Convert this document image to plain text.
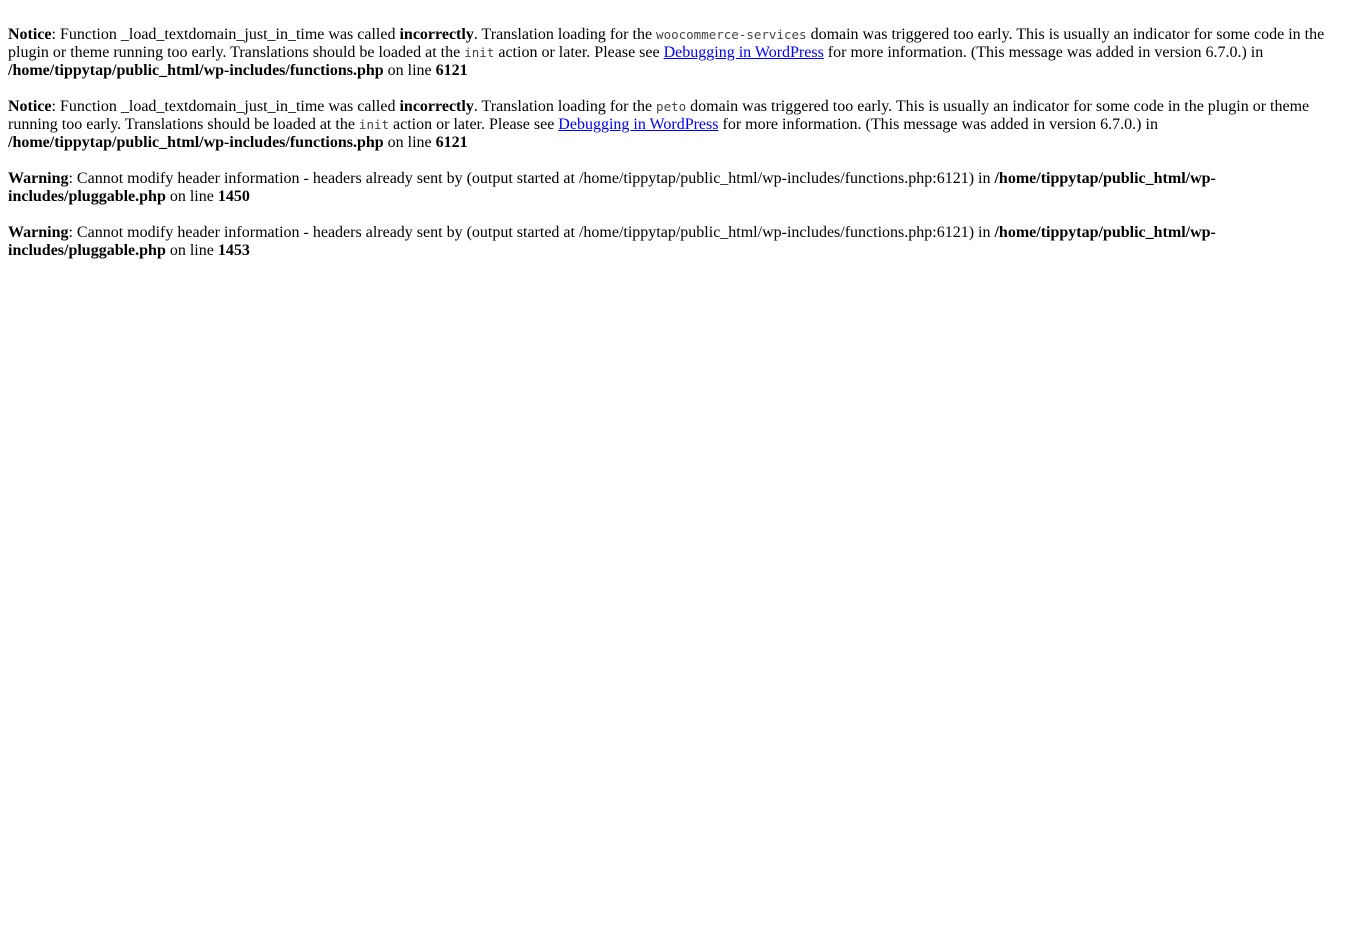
Notice: Function _load_textdomain_just_in_time was called incorrectly. Translation loading for the woocommerce-services domain was triggered too early. This is usually an indicator for some code in the plugin or theme running too early. Translations should be loaded at the init action or later. Please see Debugging in WordPress for more information. (This message was added in version 6.7.0.) in /home/tippytap/public_html/wp-includes/functions.php on line 6121
Notice: Function _load_textdomain_just_in_time was called incorrectly. Translation loading for the peto domain was triggered too early. This is usually an indicator for some code in the plugin or theme running too early. Translations should be loaded at the init action or later. Please see Debugging in WordPress for more information. (This message was added in version 6.7.0.) in /home/tippytap/public_html/wp-includes/functions.php on line 6121
Warning: Cannot modify header information - headers already sent by (output started at /home/tippytap/public_html/wp-includes/functions.php:6121) in /home/tippytap/public_html/wp-includes/pluggable.php on line 1450
Warning: Cannot modify header information - headers already sent by (output started at /home/tippytap/public_html/wp-includes/functions.php:6121) in /home/tippytap/public_html/wp-includes/pluggable.php on line 1453
